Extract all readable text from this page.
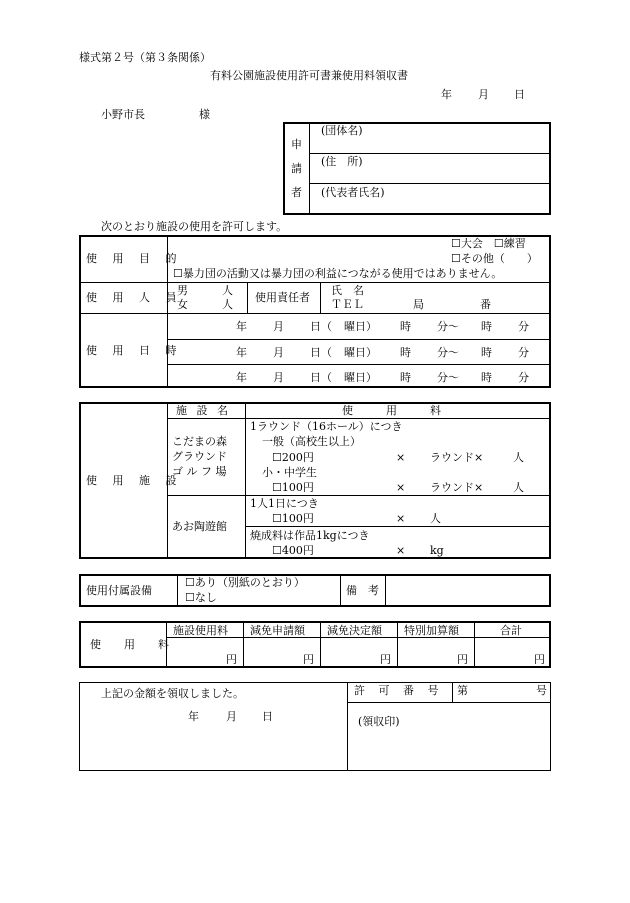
様式第２号（第３条関係）
有料公園施設使用許可書兼使用料領収書
年 月 日
小野市長	様
申
請
者
(団体名)
(住　所)
(代表者氏名)
次のとおり施設の使用を許可します。
使 用 目 的
☐大会　☐練習
☐その他（　　）
☐暴力団の活動又は暴力団の利益につながる使用ではありません。
使 用 人 員
男	人
女	人
使用責任者
氏　名
ＴＥＬ	局	番
使 用 日 時
年 月 日（ 曜日） 時 分～ 時 分
年 月 日（ 曜日） 時 分～ 時 分
年 月 日（ 曜日） 時 分～ 時 分
使 用 施 設
施 設 名	使　　　用　　　料
こだまの森
グラウンド
ゴ ル フ 場
1ラウンド（16ホール）につき
一般（高校生以上）
☐200円	× ラウンド×	人
小・中学生
☐100円	× ラウンド×	人
あお陶遊館
1人1日につき
☐100円	× 人
焼成料は作品1kgにつき
☐400円	× kg
使用付属設備
☐あり（別紙のとおり）
☐なし
備　考
使　用　料
施設使用料 減免申請額 減免決定額 特別加算額	合計
円	円	円	円	円
上記の金額を領収しました。
年 月 日
許 可 番 号 第	号
(領収印)
